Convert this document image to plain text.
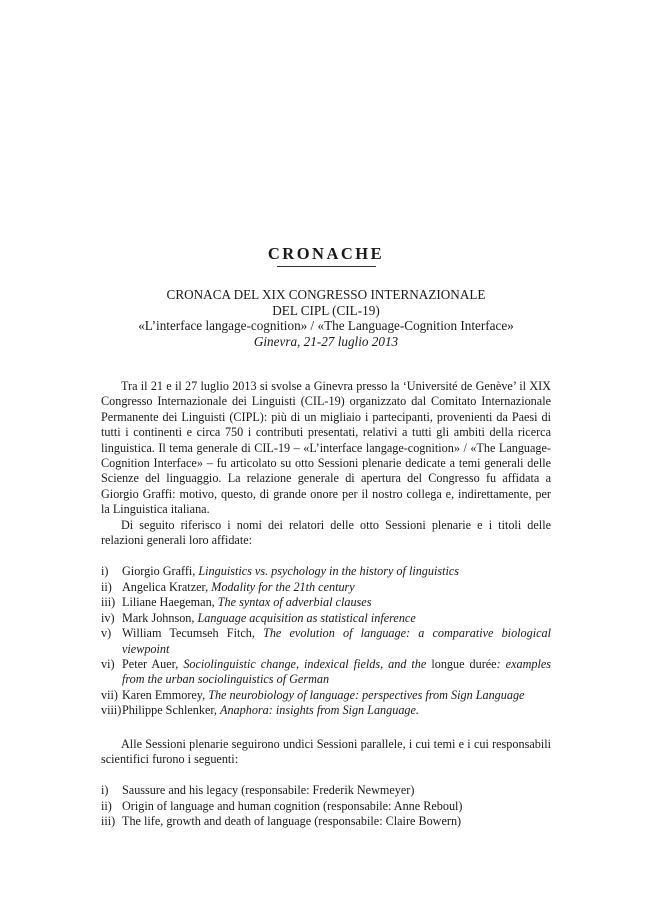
CRONACHE
CRONACA DEL XIX CONGRESSO INTERNAZIONALE
DEL CIPL (CIL-19)
«L’interface langage-cognition» / «The Language-Cognition Interface»
Ginevra, 21-27 luglio 2013

Tra il 21 e il 27 luglio 2013 si svolse a Ginevra presso la ‘Université de Genève’ il XIX Congresso Internazionale dei Linguisti (CIL-19) organizzato dal Comitato Internazionale Permanente dei Linguisti (CIPL): più di un migliaio i partecipanti, provenienti da Paesi di tutti i continenti e circa 750 i contributi presentati, relativi a tutti gli ambiti della ricerca linguistica. Il tema generale di CIL-19 – «L’interface langage-cognition» / «The Language-Cognition Interface» – fu articolato su otto Sessioni plenarie dedicate a temi generali delle Scienze del linguaggio. La relazione generale di apertura del Congresso fu affidata a Giorgio Graffi: motivo, questo, di grande onore per il nostro collega e, indirettamente, per la Linguistica italiana.

Di seguito riferisco i nomi dei relatori delle otto Sessioni plenarie e i titoli delle relazioni generali loro affidate:

i) Giorgio Graffi, Linguistics vs. psychology in the history of linguistics
ii) Angelica Kratzer, Modality for the 21th century
iii) Liliane Haegeman, The syntax of adverbial clauses
iv) Mark Johnson, Language acquisition as statistical inference
v) William Tecumseh Fitch, The evolution of language: a comparative biological viewpoint
vi) Peter Auer, Sociolinguistic change, indexical fields, and the longue durée: examples from the urban sociolinguistics of German
vii) Karen Emmorey, The neurobiology of language: perspectives from Sign Language
viii) Philippe Schlenker, Anaphora: insights from Sign Language.

Alle Sessioni plenarie seguirono undici Sessioni parallele, i cui temi e i cui responsabili scientifici furono i seguenti:

i) Saussure and his legacy (responsabile: Frederik Newmeyer)
ii) Origin of language and human cognition (responsabile: Anne Reboul)
iii) The life, growth and death of language (responsabile: Claire Bowern)
